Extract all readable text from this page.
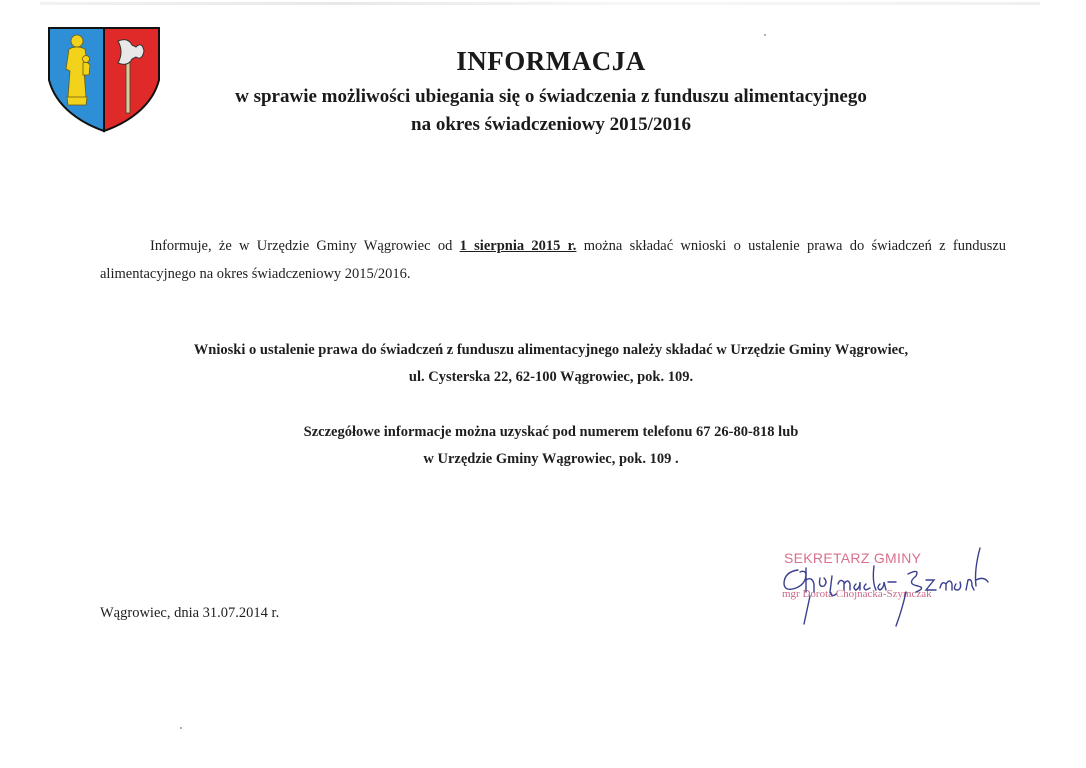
INFORMACJA
w sprawie możliwości ubiegania się o świadczenia z funduszu alimentacyjnego
na okres świadczeniowy 2015/2016
Informuje, że w Urzędzie Gminy Wągrowiec od 1 sierpnia 2015 r. można składać wnioski o ustalenie prawa do świadczeń z funduszu alimentacyjnego na okres świadczeniowy 2015/2016.
Wnioski o ustalenie prawa do świadczeń z funduszu alimentacyjnego należy składać w Urzędzie Gminy Wągrowiec,
ul. Cysterska 22, 62-100 Wągrowiec, pok. 109.
Szczegółowe informacje można uzyskać pod numerem telefonu 67 26-80-818 lub
w Urzędzie Gminy Wągrowiec, pok. 109 .
Wągrowiec, dnia 31.07.2014 r.
SEKRETARZ GMINY
mgr Dorota Chojnacka-Szymczak
